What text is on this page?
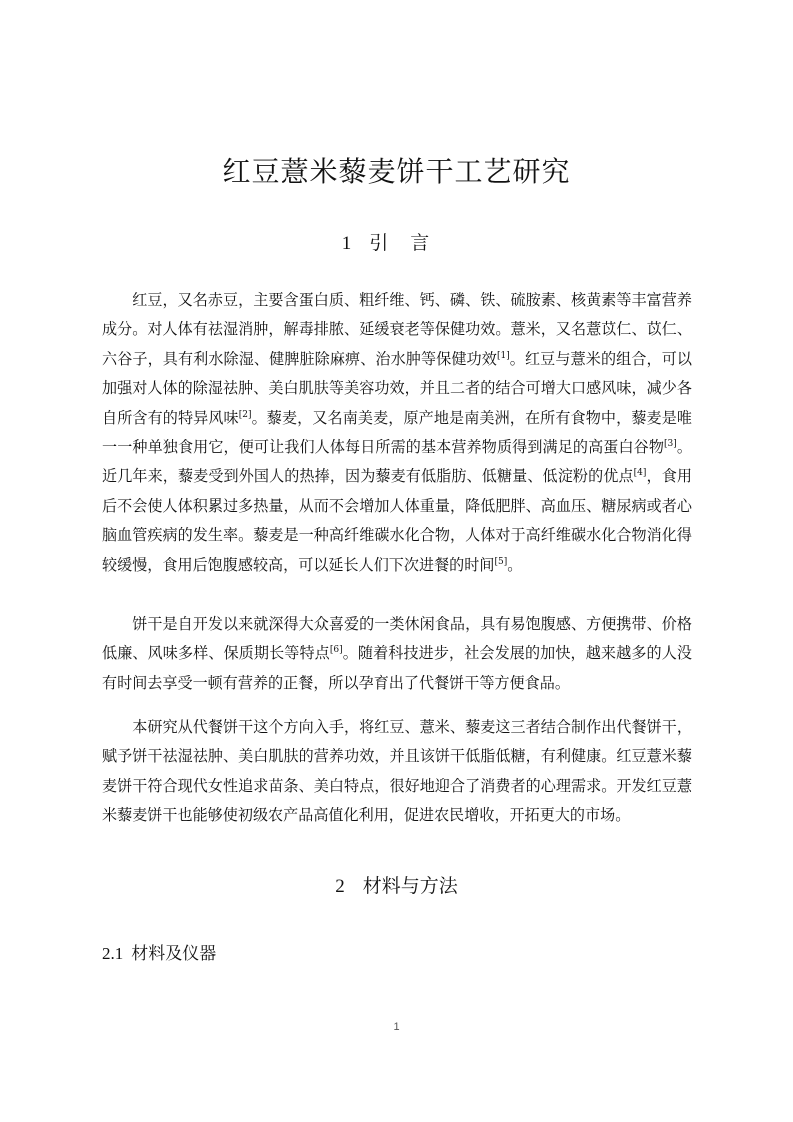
红豆薏米藜麦饼干工艺研究
1 引言

红豆，又名赤豆，主要含蛋白质、粗纤维、钙、磷、铁、硫胺素、核黄素等丰富营养成分。对人体有祛湿消肿，解毒排脓、延缓衰老等保健功效。薏米，又名薏苡仁、苡仁、六谷子，具有利水除湿、健脾脏除麻痹、治水肿等保健功效[1]。红豆与薏米的组合，可以加强对人体的除湿祛肿、美白肌肤等美容功效，并且二者的结合可增大口感风味，减少各自所含有的特异风味[2]。藜麦，又名南美麦，原产地是南美洲，在所有食物中，藜麦是唯一一种单独食用它，便可让我们人体每日所需的基本营养物质得到满足的高蛋白谷物[3]。近几年来，藜麦受到外国人的热捧，因为藜麦有低脂肪、低糖量、低淀粉的优点[4]，食用后不会使人体积累过多热量，从而不会增加人体重量，降低肥胖、高血压、糖尿病或者心脑血管疾病的发生率。藜麦是一种高纤维碳水化合物，人体对于高纤维碳水化合物消化得较缓慢，食用后饱腹感较高，可以延长人们下次进餐的时间[5]。

饼干是自开发以来就深得大众喜爱的一类休闲食品，具有易饱腹感、方便携带、价格低廉、风味多样、保质期长等特点[6]。随着科技进步，社会发展的加快，越来越多的人没有时间去享受一顿有营养的正餐，所以孕育出了代餐饼干等方便食品。

本研究从代餐饼干这个方向入手，将红豆、薏米、藜麦这三者结合制作出代餐饼干，赋予饼干祛湿祛肿、美白肌肤的营养功效，并且该饼干低脂低糖，有利健康。红豆薏米藜麦饼干符合现代女性追求苗条、美白特点，很好地迎合了消费者的心理需求。开发红豆薏米藜麦饼干也能够使初级农产品高值化利用，促进农民增收，开拓更大的市场。

2 材料与方法
2.1 材料及仪器
1
